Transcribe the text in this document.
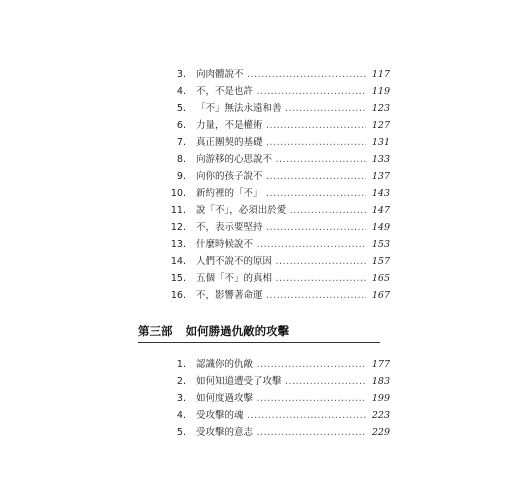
3. 向肉體說不 .....	117
4. 不，不是也許 .....	119
5. 「不」無法永遠和善 .....	123
6. 力量，不是權術 .....	127
7. 真正團契的基礎 .....	131
8. 向游移的心思說不 .....	133
9. 向你的孩子說不 .....	137
10. 新約裡的「不」 .....	143
11. 說「不」，必須出於愛 .....	147
12. 不，表示要堅持 .....	149
13. 什麼時候說不 .....	153
14. 人們不說不的原因 .....	157
15. 五個「不」的真相 .....	165
16. 不，影響著命運 .....	167
第三部 如何勝過仇敵的攻擊
1. 認識你的仇敵 .....	177
2. 如何知道遭受了攻擊 .....	183
3. 如何度過攻擊 .....	199
4. 受攻擊的魂 .....	223
5. 受攻擊的意志 .....	229
